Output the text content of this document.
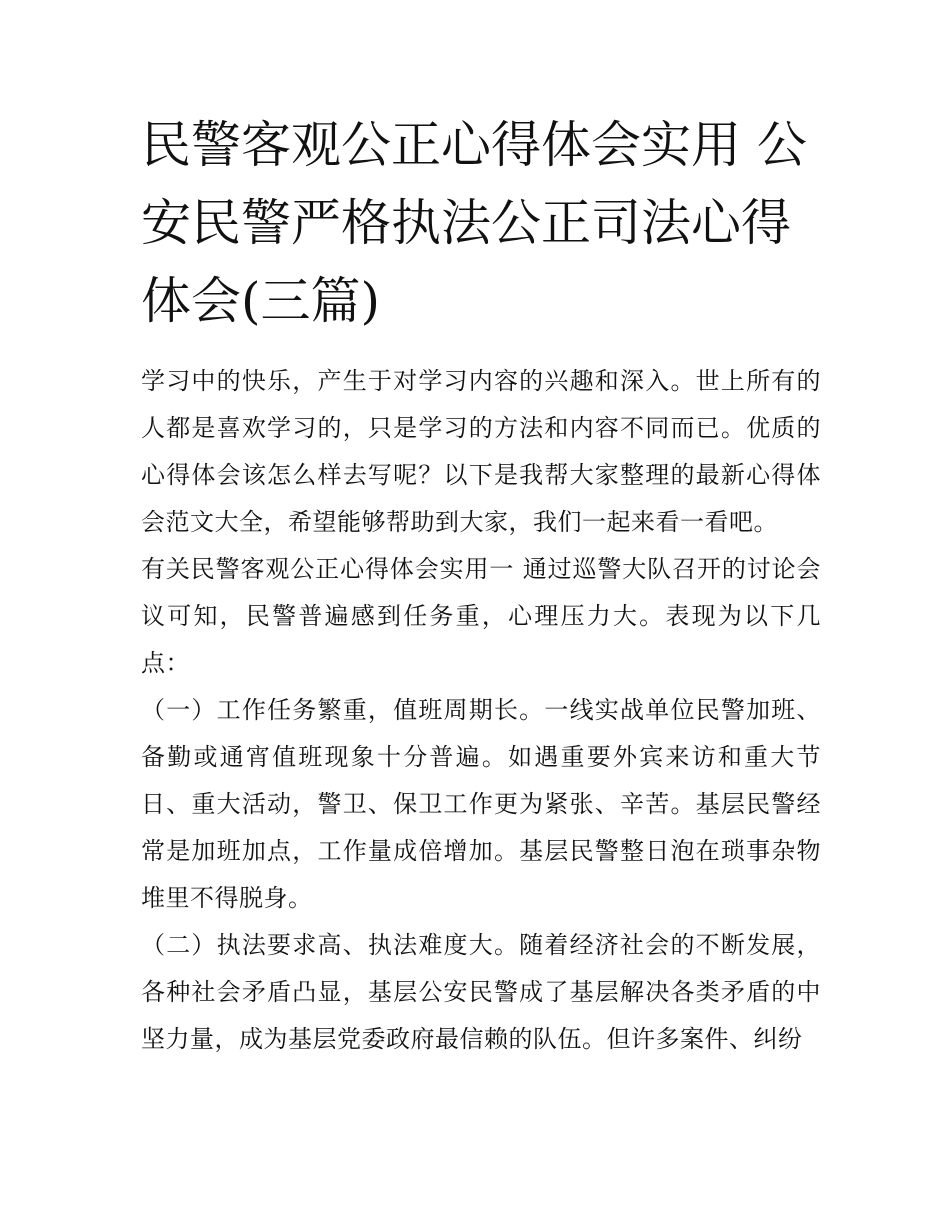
民警客观公正心得体会实用 公安民警严格执法公正司法心得体会(三篇)

学习中的快乐，产生于对学习内容的兴趣和深入。世上所有的人都是喜欢学习的，只是学习的方法和内容不同而已。优质的心得体会该怎么样去写呢？以下是我帮大家整理的最新心得体会范文大全，希望能够帮助到大家，我们一起来看一看吧。

有关民警客观公正心得体会实用一 通过巡警大队召开的讨论会议可知，民警普遍感到任务重，心理压力大。表现为以下几点：

（一）工作任务繁重，值班周期长。一线实战单位民警加班、备勤或通宵值班现象十分普遍。如遇重要外宾来访和重大节日、重大活动，警卫、保卫工作更为紧张、辛苦。基层民警经常是加班加点，工作量成倍增加。基层民警整日泡在琐事杂物堆里不得脱身。

（二）执法要求高、执法难度大。随着经济社会的不断发展，各种社会矛盾凸显，基层公安民警成了基层解决各类矛盾的中坚力量，成为基层党委政府最信赖的队伍。但许多案件、纠纷
